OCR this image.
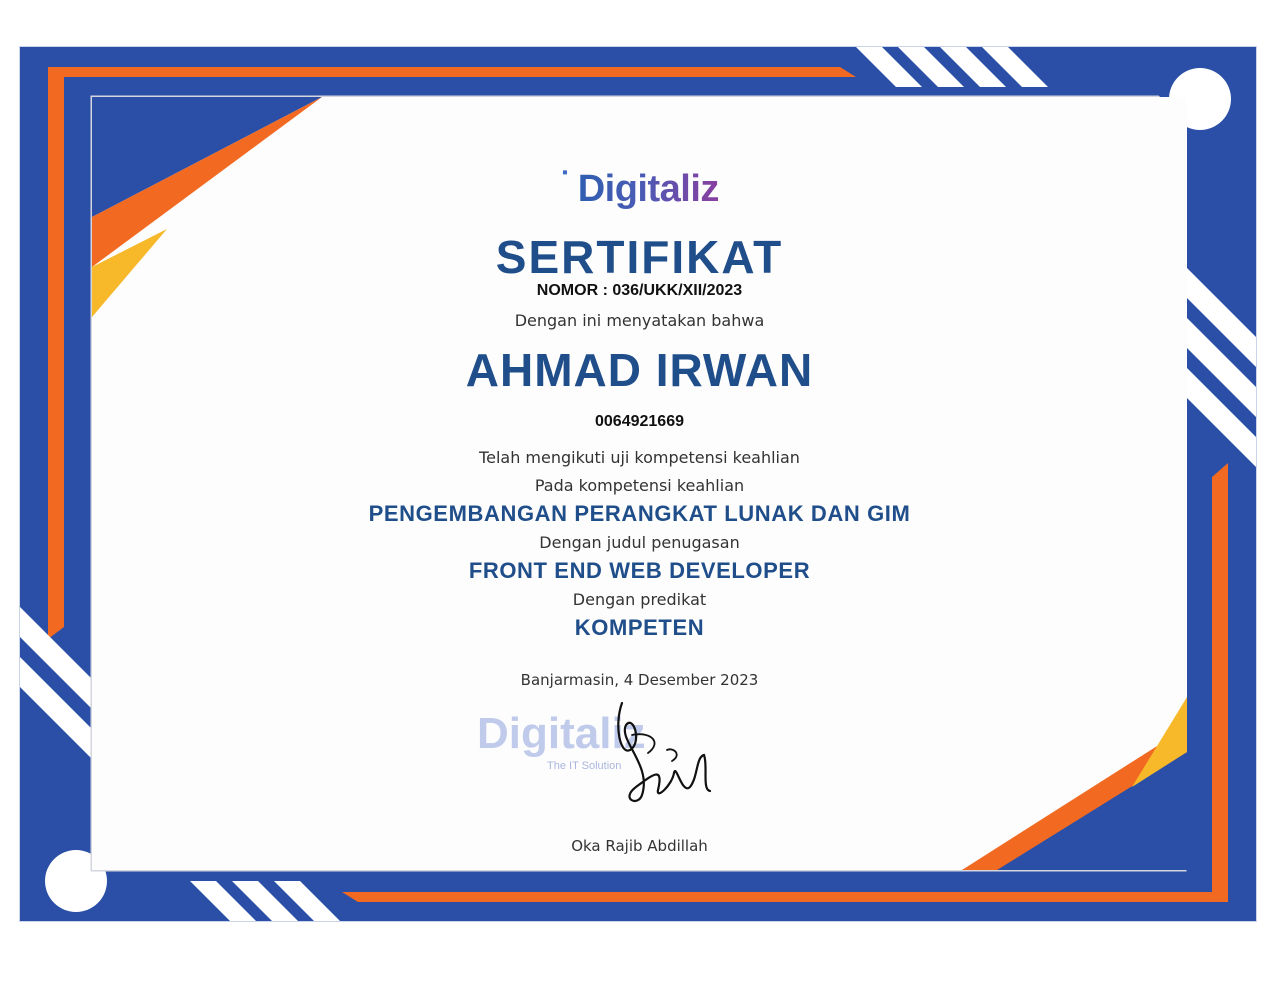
⠁Digitaliz
SERTIFIKAT
NOMOR : 036/UKK/XII/2023
Dengan ini menyatakan bahwa
AHMAD IRWAN
0064921669
Telah mengikuti uji kompetensi keahlian
Pada kompetensi keahlian
PENGEMBANGAN PERANGKAT LUNAK DAN GIM
Dengan judul penugasan
FRONT END WEB DEVELOPER
Dengan predikat
KOMPETEN
Banjarmasin, 4 Desember 2023
Digitaliz
The IT Solution
Oka Rajib Abdillah
